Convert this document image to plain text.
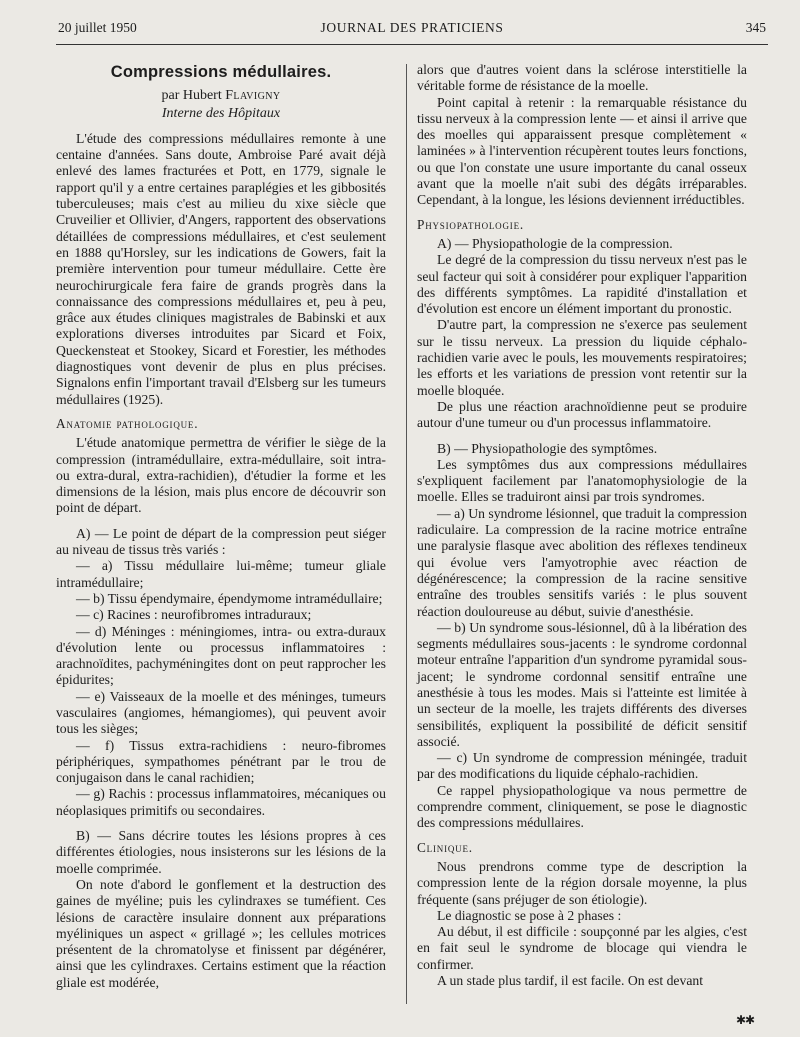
20 juillet 1950	JOURNAL DES PRATICIENS	345
Compressions médullaires.
par Hubert Flavigny
Interne des Hôpitaux

L'étude des compressions médullaires remonte à une centaine d'années. Sans doute, Ambroise Paré avait déjà enlevé des lames fracturées et Pott, en 1779, signale le rapport qu'il y a entre certaines paraplégies et les gibbosités tuberculeuses; mais c'est au milieu du xixe siècle que Cruveilier et Ollivier, d'Angers, rapportent des observations détaillées de compressions médullaires, et c'est seulement en 1888 qu'Horsley, sur les indications de Gowers, fait la première intervention pour tumeur médullaire. Cette ère neurochirurgicale fera faire de grands progrès dans la connaissance des compressions médullaires et, peu à peu, grâce aux études cliniques magistrales de Babinski et aux explorations diverses introduites par Sicard et Foix, Queckensteat et Stookey, Sicard et Forestier, les méthodes diagnostiques vont devenir de plus en plus précises. Signalons enfin l'important travail d'Elsberg sur les tumeurs médullaires (1925).

Anatomie pathologique.

L'étude anatomique permettra de vérifier le siège de la compression (intramédullaire, extra-médullaire, soit intra- ou extra-dural, extra-rachidien), d'étudier la forme et les dimensions de la lésion, mais plus encore de découvrir son point de départ.

A) — Le point de départ de la compression peut siéger au niveau de tissus très variés :

— a) Tissu médullaire lui-même; tumeur gliale intramédullaire;

— b) Tissu épendymaire, épendymome intramédullaire;

— c) Racines : neurofibromes intraduraux;

— d) Méninges : méningiomes, intra- ou extra-duraux d'évolution lente ou processus inflammatoires : arachnoïdites, pachyméningites dont on peut rapprocher les épidurites;

— e) Vaisseaux de la moelle et des méninges, tumeurs vasculaires (angiomes, hémangiomes), qui peuvent avoir tous les sièges;

— f) Tissus extra-rachidiens : neuro-fibromes périphériques, sympathomes pénétrant par le trou de conjugaison dans le canal rachidien;

— g) Rachis : processus inflammatoires, mécaniques ou néoplasiques primitifs ou secondaires.

B) — Sans décrire toutes les lésions propres à ces différentes étiologies, nous insisterons sur les lésions de la moelle comprimée.

On note d'abord le gonflement et la destruction des gaines de myéline; puis les cylindraxes se tuméfient. Ces lésions de caractère insulaire donnent aux préparations myéliniques un aspect « grillagé »; les cellules motrices présentent de la chromatolyse et finissent par dégénérer, ainsi que les cylindraxes. Certains estiment que la réaction gliale est modérée,

alors que d'autres voient dans la sclérose interstitielle la véritable forme de résistance de la moelle.

Point capital à retenir : la remarquable résistance du tissu nerveux à la compression lente — et ainsi il arrive que des moelles qui apparaissent presque complètement « laminées » à l'intervention récupèrent toutes leurs fonctions, ou que l'on constate une usure importante du canal osseux avant que la moelle n'ait subi des dégâts irréparables. Cependant, à la longue, les lésions deviennent irréductibles.

Physiopathologie.

A) — Physiopathologie de la compression.

Le degré de la compression du tissu nerveux n'est pas le seul facteur qui soit à considérer pour expliquer l'apparition des différents symptômes. La rapidité d'installation et d'évolution est encore un élément important du pronostic.

D'autre part, la compression ne s'exerce pas seulement sur le tissu nerveux. La pression du liquide céphalo-rachidien varie avec le pouls, les mouvements respiratoires; les efforts et les variations de pression vont retentir sur la moelle bloquée.

De plus une réaction arachnoïdienne peut se produire autour d'une tumeur ou d'un processus inflammatoire.

B) — Physiopathologie des symptômes.

Les symptômes dus aux compressions médullaires s'expliquent facilement par l'anatomophysiologie de la moelle. Elles se traduiront ainsi par trois syndromes.

— a) Un syndrome lésionnel, que traduit la compression radiculaire. La compression de la racine motrice entraîne une paralysie flasque avec abolition des réflexes tendineux qui évolue vers l'amyotrophie avec réaction de dégénérescence; la compression de la racine sensitive entraîne des troubles sensitifs variés : le plus souvent réaction douloureuse au début, suivie d'anesthésie.

— b) Un syndrome sous-lésionnel, dû à la libération des segments médullaires sous-jacents : le syndrome cordonnal moteur entraîne l'apparition d'un syndrome pyramidal sous-jacent; le syndrome cordonnal sensitif entraîne une anesthésie à tous les modes. Mais si l'atteinte est limitée à un secteur de la moelle, les trajets différents des diverses sensibilités, expliquent la possibilité de déficit sensitif associé.

— c) Un syndrome de compression méningée, traduit par des modifications du liquide céphalo-rachidien.

Ce rappel physiopathologique va nous permettre de comprendre comment, cliniquement, se pose le diagnostic des compressions médullaires.

Clinique.

Nous prendrons comme type de description la compression lente de la région dorsale moyenne, la plus fréquente (sans préjuger de son étiologie).

Le diagnostic se pose à 2 phases :

Au début, il est difficile : soupçonné par les algies, c'est en fait seul le syndrome de blocage qui viendra le confirmer.

A un stade plus tardif, il est facile. On est devant

✱✱
